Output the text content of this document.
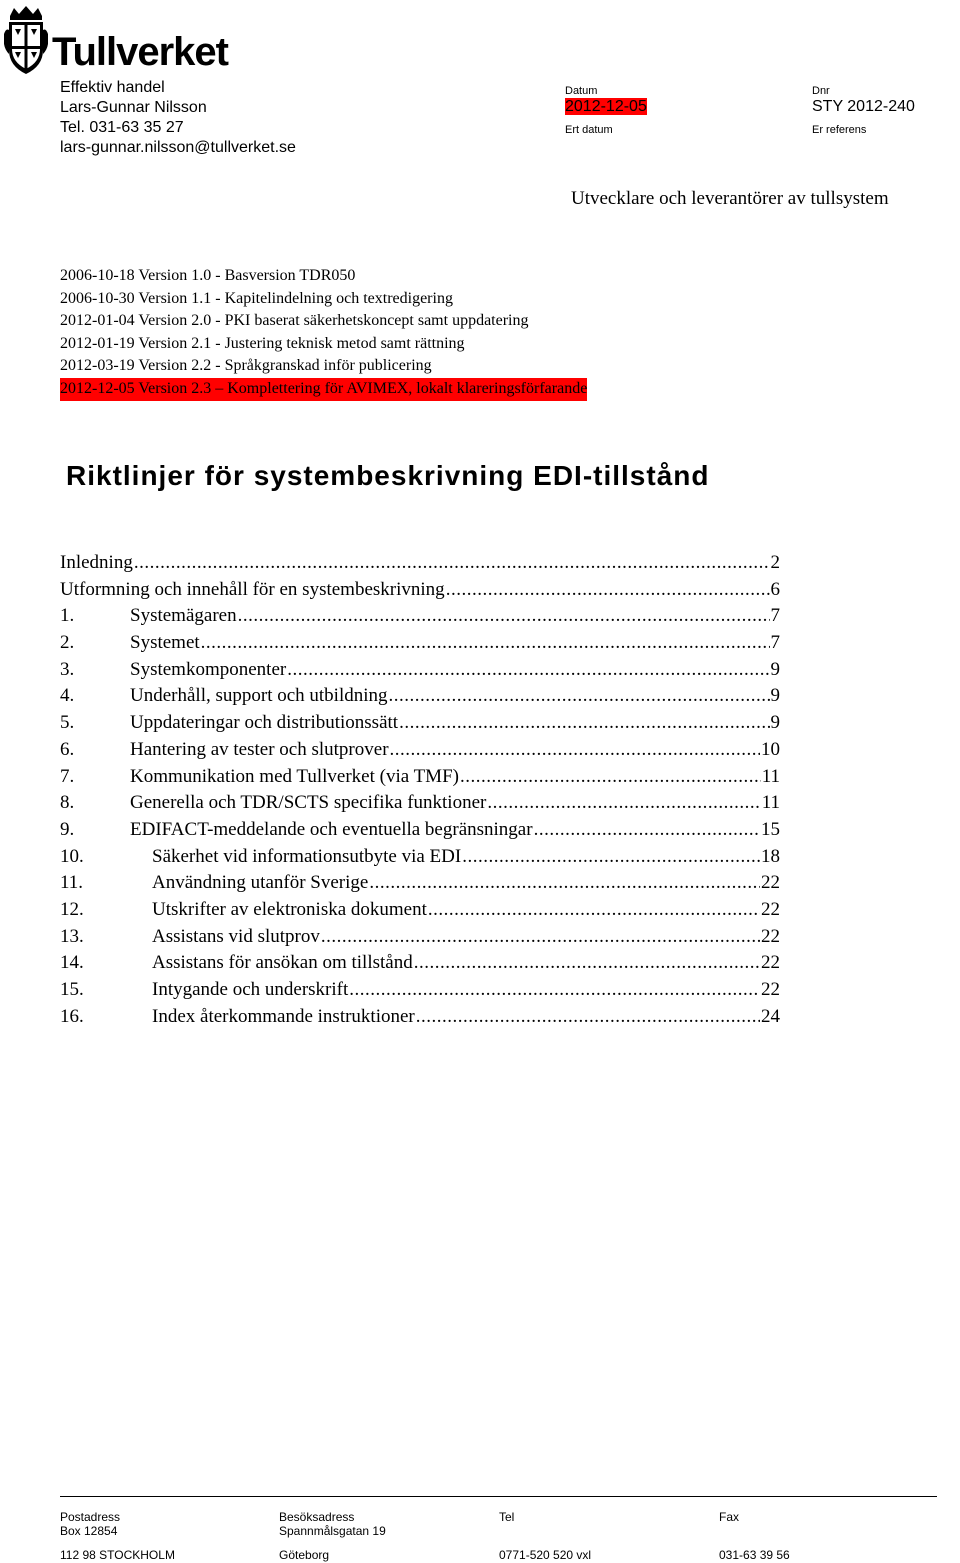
Tullverket
Effektiv handel
Lars-Gunnar Nilsson
Tel. 031-63 35 27
lars-gunnar.nilsson@tullverket.se
Datum
2012-12-05
Ert datum
Dnr
STY 2012-240
Er referens
Utvecklare och leverantörer av tullsystem
2006-10-18 Version 1.0 - Basversion TDR050
2006-10-30 Version 1.1 - Kapitelindelning och textredigering
2012-01-04 Version 2.0 - PKI baserat säkerhetskoncept samt uppdatering
2012-01-19 Version 2.1 - Justering teknisk metod samt rättning
2012-03-19 Version 2.2 - Språkgranskad inför publicering
2012-12-05 Version 2.3 – Komplettering för AVIMEX, lokalt klareringsförfarande
Riktlinjer för systembeskrivning EDI-tillstånd
Inledning .....	2
Utformning och innehåll för en systembeskrivning .....	6
1.	Systemägaren .....	7
2.	Systemet .....	7
3.	Systemkomponenter .....	9
4.	Underhåll, support och utbildning .....	9
5.	Uppdateringar och distributionssätt .....	9
6.	Hantering av tester och slutprover .....	10
7.	Kommunikation med Tullverket (via TMF) .....	11
8.	Generella och TDR/SCTS specifika funktioner .....	11
9.	EDIFACT-meddelande och eventuella begränsningar .....	15
10.	Säkerhet vid informationsutbyte via EDI .....	18
11.	Användning utanför Sverige .....	22
12.	Utskrifter av elektroniska dokument .....	22
13.	Assistans vid slutprov .....	22
14.	Assistans för ansökan om tillstånd .....	22
15.	Intygande och underskrift .....	22
16.	Index återkommande instruktioner .....	24
Postadress
Box 12854
112 98 STOCKHOLM
Besöksadress
Spannmålsgatan 19
Göteborg
Tel
0771-520 520 vxl
Fax
031-63 39 56
